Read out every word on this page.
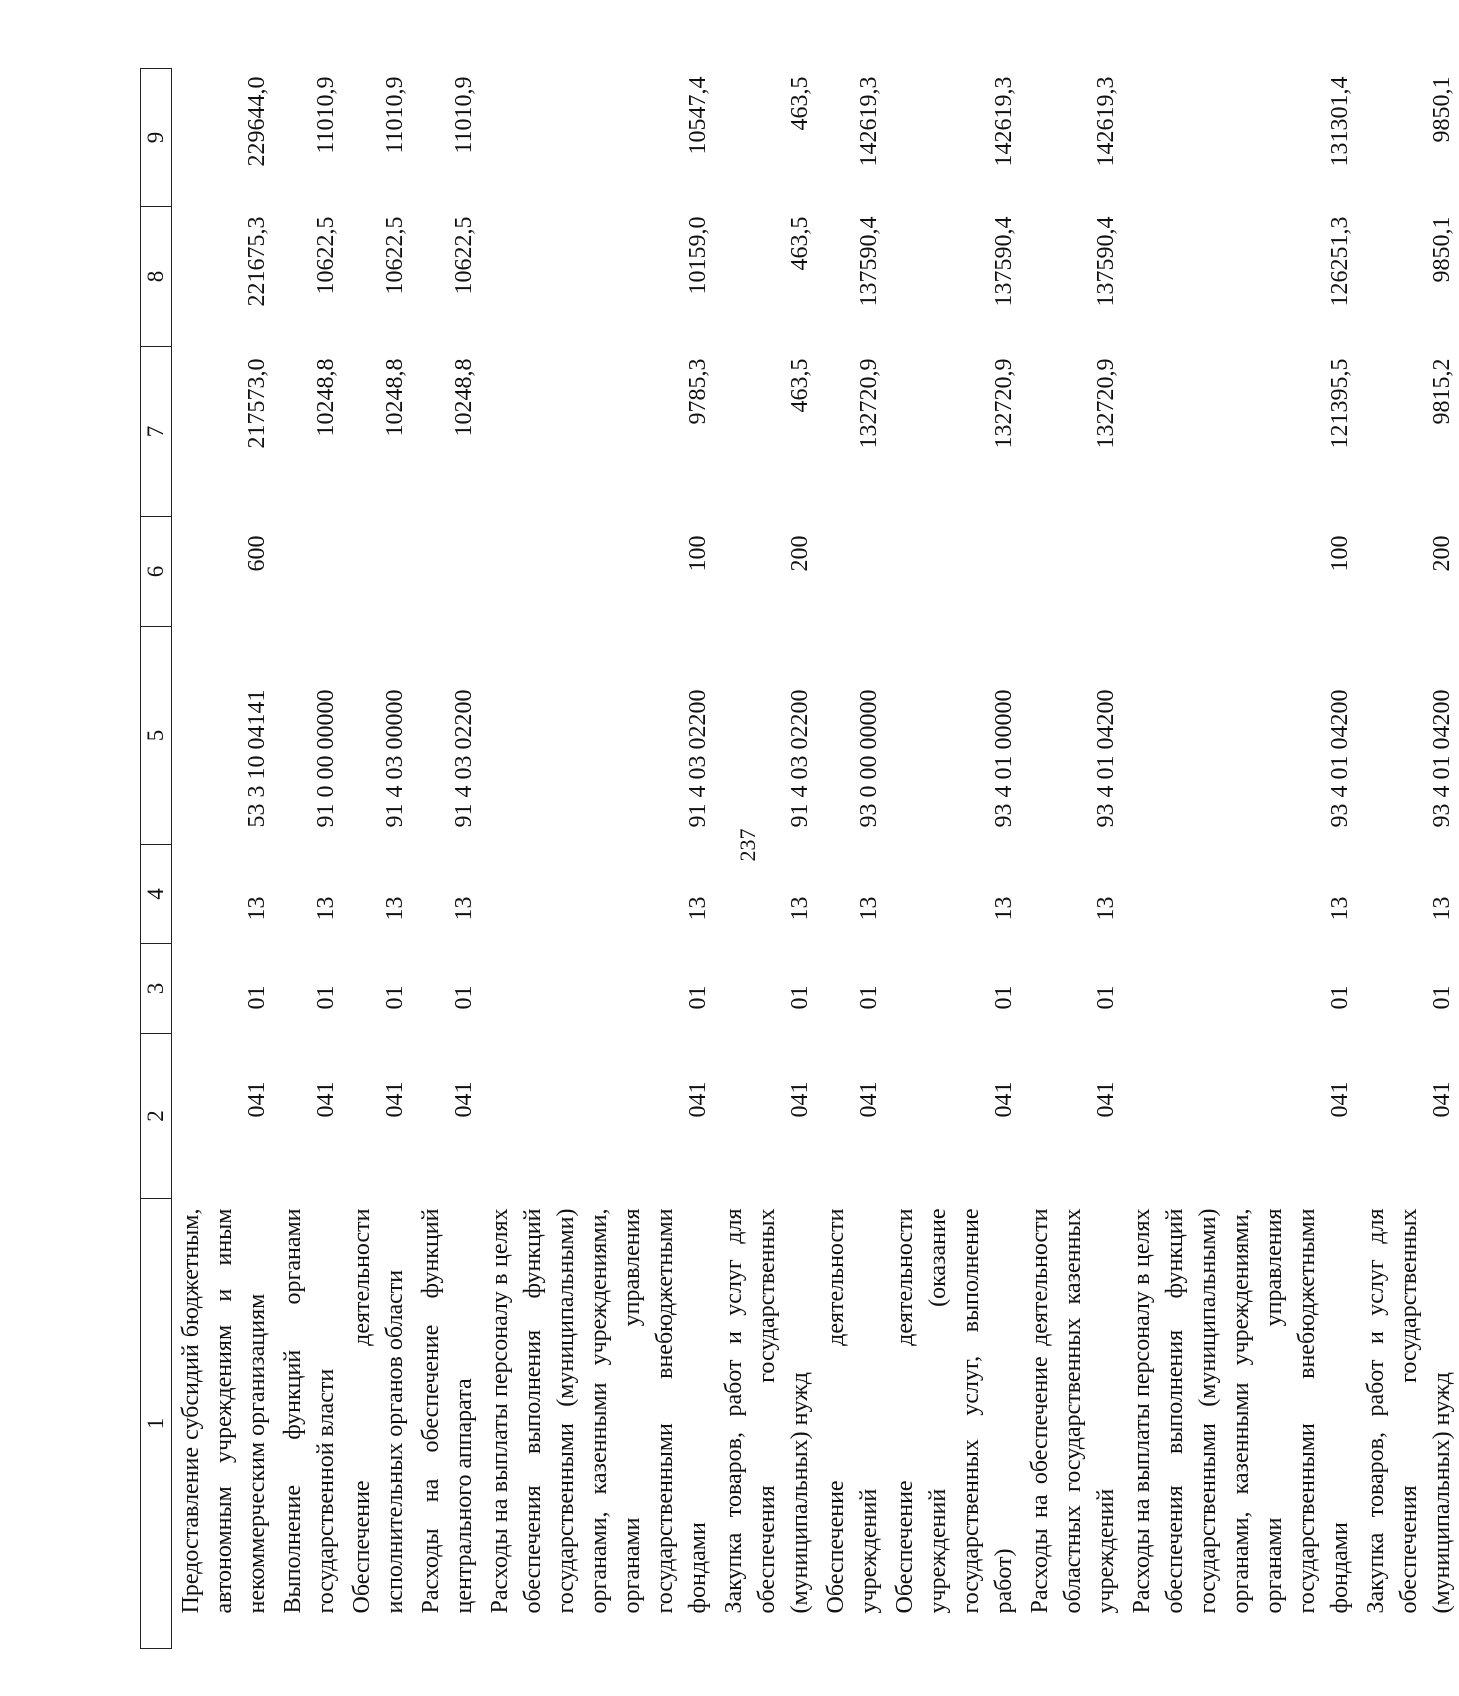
237
1	2	3	4	5	6	7	8	9
Предоставление субсидий бюджетным, автономным учреждениям и иным некоммерческим организациям	041	01	13	53 3 10 04141	600	217573,0	221675,3	229644,0
Выполнение функций органами государственной власти	041	01	13	91 0 00 00000		10248,8	10622,5	11010,9
Обеспечение деятельности исполнительных органов области	041	01	13	91 4 03 00000		10248,8	10622,5	11010,9
Расходы на обеспечение функций центрального аппарата	041	01	13	91 4 03 02200		10248,8	10622,5	11010,9
Расходы на выплаты персоналу в целях обеспечения выполнения функций государственными (муниципальными) органами, казенными учреждениями, органами управления государственными внебюджетными фондами	041	01	13	91 4 03 02200	100	9785,3	10159,0	10547,4
Закупка товаров, работ и услуг для обеспечения государственных (муниципальных) нужд	041	01	13	91 4 03 02200	200	463,5	463,5	463,5
Обеспечение деятельности учреждений	041	01	13	93 0 00 00000		132720,9	137590,4	142619,3
Обеспечение деятельности учреждений (оказание государственных услуг, выполнение работ)	041	01	13	93 4 01 00000		132720,9	137590,4	142619,3
Расходы на обеспечение деятельности областных государственных казенных учреждений	041	01	13	93 4 01 04200		132720,9	137590,4	142619,3
Расходы на выплаты персоналу в целях обеспечения выполнения функций государственными (муниципальными) органами, казенными учреждениями, органами управления государственными внебюджетными фондами	041	01	13	93 4 01 04200	100	121395,5	126251,3	131301,4
Закупка товаров, работ и услуг для обеспечения государственных (муниципальных) нужд	041	01	13	93 4 01 04200	200	9815,2	9850,1	9850,1
